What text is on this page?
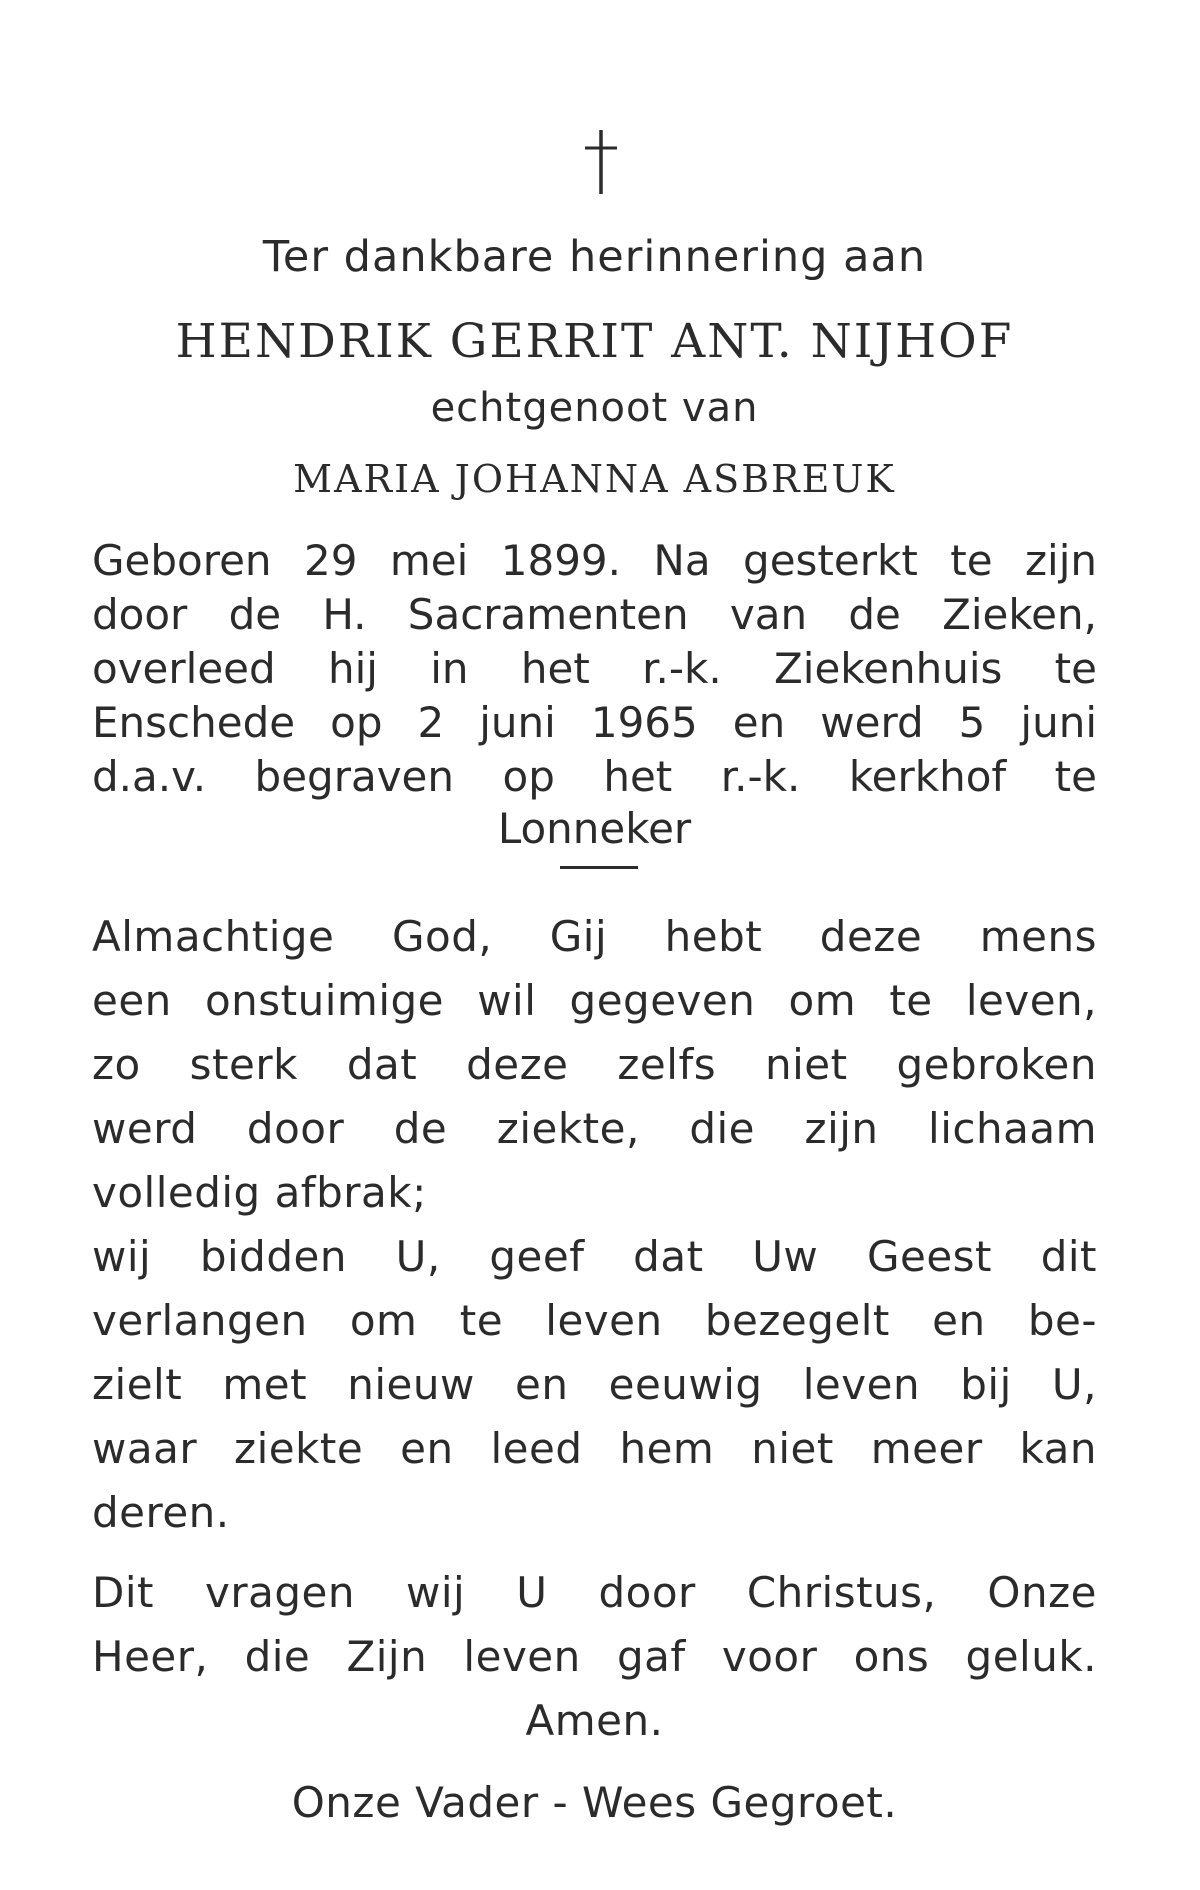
Ter dankbare herinnering aan

HENDRIK GERRIT ANT. NIJHOF

echtgenoot van

MARIA JOHANNA ASBREUK

Geboren 29 mei 1899. Na gesterkt te zijn

door de H. Sacramenten van de Zieken,

overleed hij in het r.-k. Ziekenhuis te

Enschede op 2 juni 1965 en werd 5 juni

d.a.v. begraven op het r.-k. kerkhof te

Lonneker

Almachtige God, Gij hebt deze mens

een onstuimige wil gegeven om te leven,

zo sterk dat deze zelfs niet gebroken

werd door de ziekte, die zijn lichaam

volledig afbrak;

wij bidden U, geef dat Uw Geest dit

verlangen om te leven bezegelt en be-

zielt met nieuw en eeuwig leven bij U,

waar ziekte en leed hem niet meer kan

deren.

Dit vragen wij U door Christus, Onze

Heer, die Zijn leven gaf voor ons geluk.

Amen.

Onze Vader - Wees Gegroet.
